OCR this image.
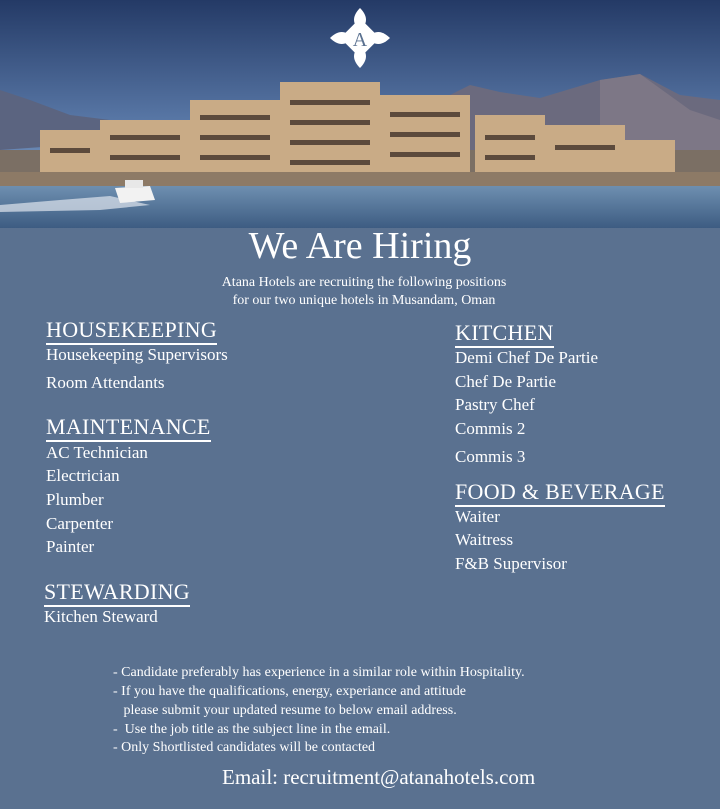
A
We Are Hiring
Atana Hotels are recruiting the following positions
for our two unique hotels in Musandam, Oman
HOUSEKEEPING
Housekeeping Supervisors
Room Attendants
MAINTENANCE
AC Technician
Electrician
Plumber
Carpenter
Painter
STEWARDING
Kitchen Steward
KITCHEN
Demi Chef De Partie
Chef De Partie
Pastry Chef
Commis 2
Commis 3
FOOD & BEVERAGE
Waiter
Waitress
F&B Supervisor
- Candidate preferably has experience in a similar role within Hospitality.
- If you have the qualifications, energy, experiance and attitude
please submit your updated resume to below email address.
-  Use the job title as the subject line in the email.
- Only Shortlisted candidates will be contacted
Email: recruitment@atanahotels.com
